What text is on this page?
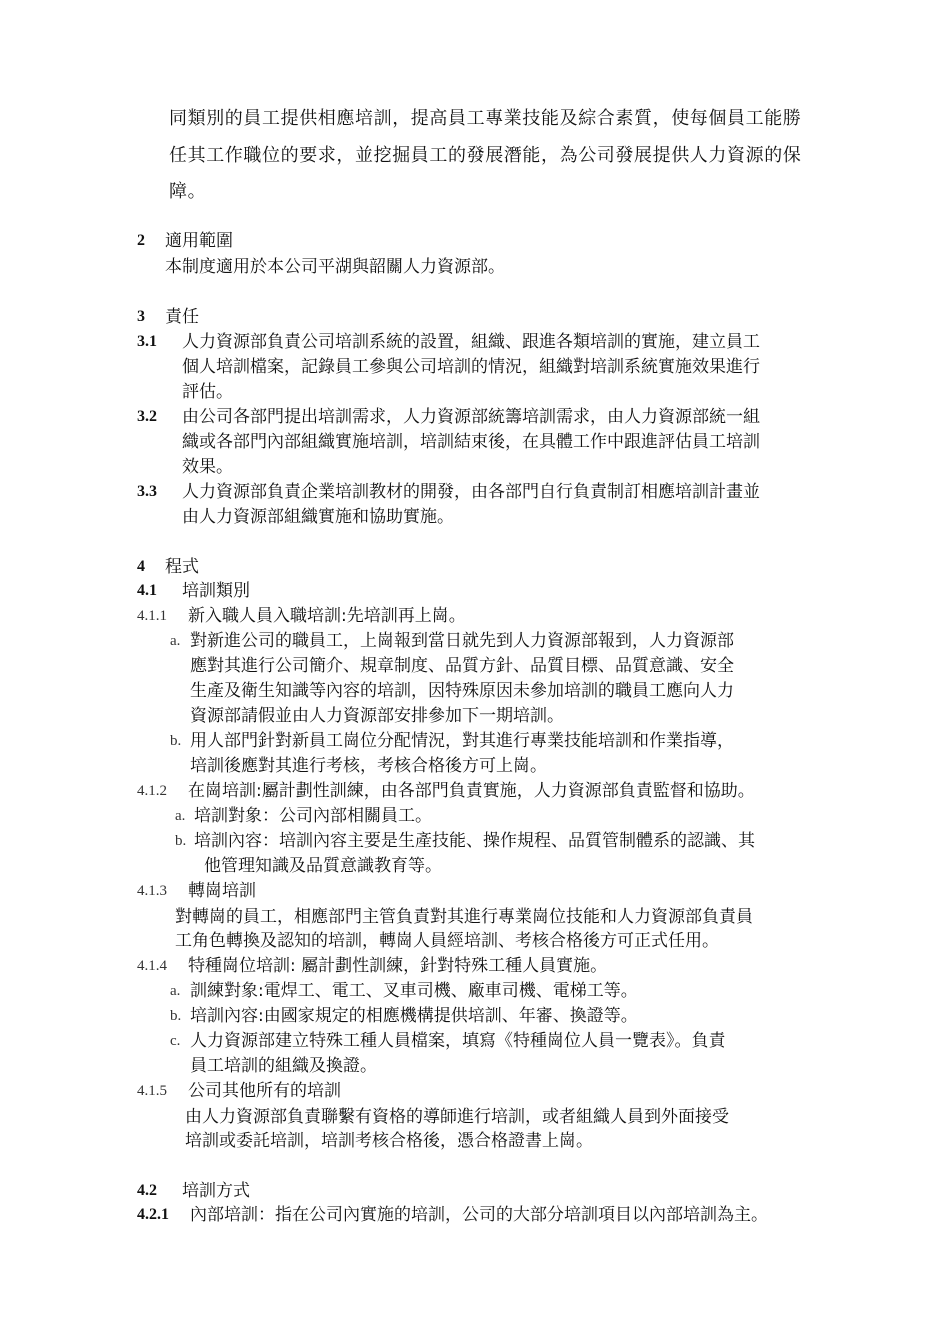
同類別的員工提供相應培訓，提高員工專業技能及綜合素質，使每個員工能勝
任其工作職位的要求，並挖掘員工的發展潛能，為公司發展提供人力資源的保
障。
2 適用範圍
本制度適用於本公司平湖與韶關人力資源部。
3 責任
3.1 人力資源部負責公司培訓系統的設置，組織、跟進各類培訓的實施，建立員工
個人培訓檔案，記錄員工參與公司培訓的情況，組織對培訓系統實施效果進行
評估。
3.2 由公司各部門提出培訓需求，人力資源部統籌培訓需求，由人力資源部統一組
織或各部門內部組織實施培訓，培訓結束後，在具體工作中跟進評估員工培訓
效果。
3.3 人力資源部負責企業培訓教材的開發，由各部門自行負責制訂相應培訓計畫並
由人力資源部組織實施和協助實施。
4 程式
4.1 培訓類別
4.1.1 新入職人員入職培訓:先培訓再上崗。
a. 對新進公司的職員工，上崗報到當日就先到人力資源部報到，人力資源部
應對其進行公司簡介、規章制度、品質方針、品質目標、品質意識、安全
生產及衛生知識等內容的培訓，因特殊原因未參加培訓的職員工應向人力
資源部請假並由人力資源部安排參加下一期培訓。
b. 用人部門針對新員工崗位分配情況，對其進行專業技能培訓和作業指導，
培訓後應對其進行考核，考核合格後方可上崗。
4.1.2 在崗培訓:屬計劃性訓練，由各部門負責實施，人力資源部負責監督和協助。
a. 培訓對象：公司內部相關員工。
b. 培訓內容：培訓內容主要是生產技能、操作規程、品質管制體系的認識、其
他管理知識及品質意識教育等。
4.1.3 轉崗培訓
對轉崗的員工，相應部門主管負責對其進行專業崗位技能和人力資源部負責員
工角色轉換及認知的培訓，轉崗人員經培訓、考核合格後方可正式任用。
4.1.4 特種崗位培訓: 屬計劃性訓練，針對特殊工種人員實施。
a. 訓練對象:電焊工、電工、叉車司機、廠車司機、電梯工等。
b. 培訓內容:由國家規定的相應機構提供培訓、年審、換證等。
c. 人力資源部建立特殊工種人員檔案，填寫《特種崗位人員一覽表》。負責
員工培訓的組織及換證。
4.1.5 公司其他所有的培訓
由人力資源部負責聯繫有資格的導師進行培訓，或者組織人員到外面接受
培訓或委託培訓，培訓考核合格後，憑合格證書上崗。
4.2 培訓方式
4.2.1 內部培訓：指在公司內實施的培訓，公司的大部分培訓項目以內部培訓為主。
